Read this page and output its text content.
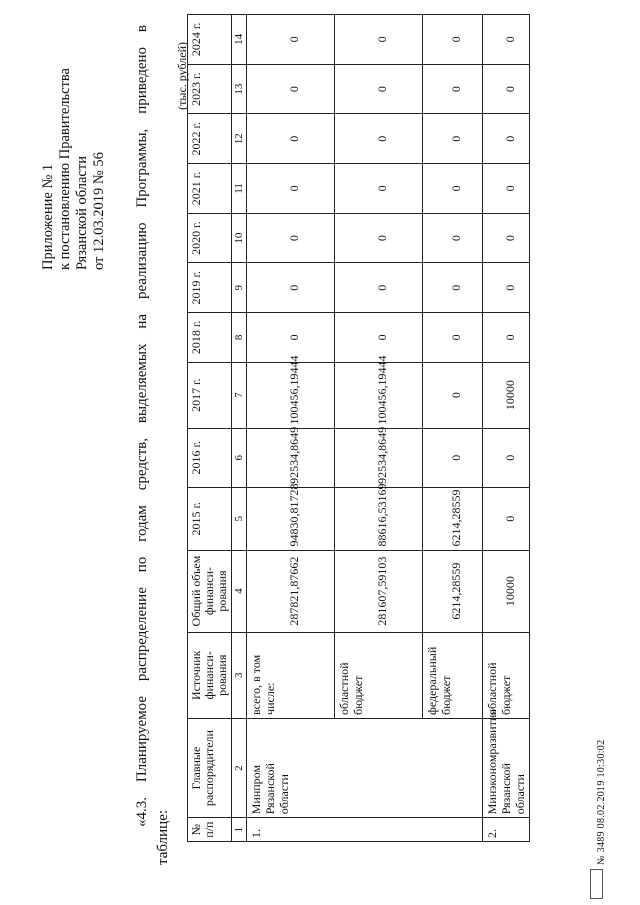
Приложение № 1 к постановлению Правительства Рязанской области от 12.03.2019 № 56 «4.3. Планируемое распределение по годам средств, выделяемых на реализацию Программы, приведено в
таблице:
(тыс. рублей)
№ п/п	Главные распорядители	Источник финанси- рования	Общий объем финанси- рования	2015 г.	2016 г.	2017 г.	2018 г.	2019 г.	2020 г.	2021 г.	2022 г.	2023 г.	2024 г.
1	2	3	4	5	6	7	8	9	10	11	12	13	14
1.	Минпром Рязанской области	всего, в том числе:	287821,87662	94830,81728	92534,8649	100456,19444	0	0	0	0	0	0	0
		областной бюджет	281607,59103	88616,53169	92534,8649	100456,19444	0	0	0	0	0	0	0
		федеральный бюджет	6214,28559	6214,28559	0	0	0	0	0	0	0	0	0
2.	Минэкономразвития Рязанской области	областной бюджет	10000	0	0	10000	0	0	0	0	0	0	0
№ 3489 08.02.2019 10:30:02
